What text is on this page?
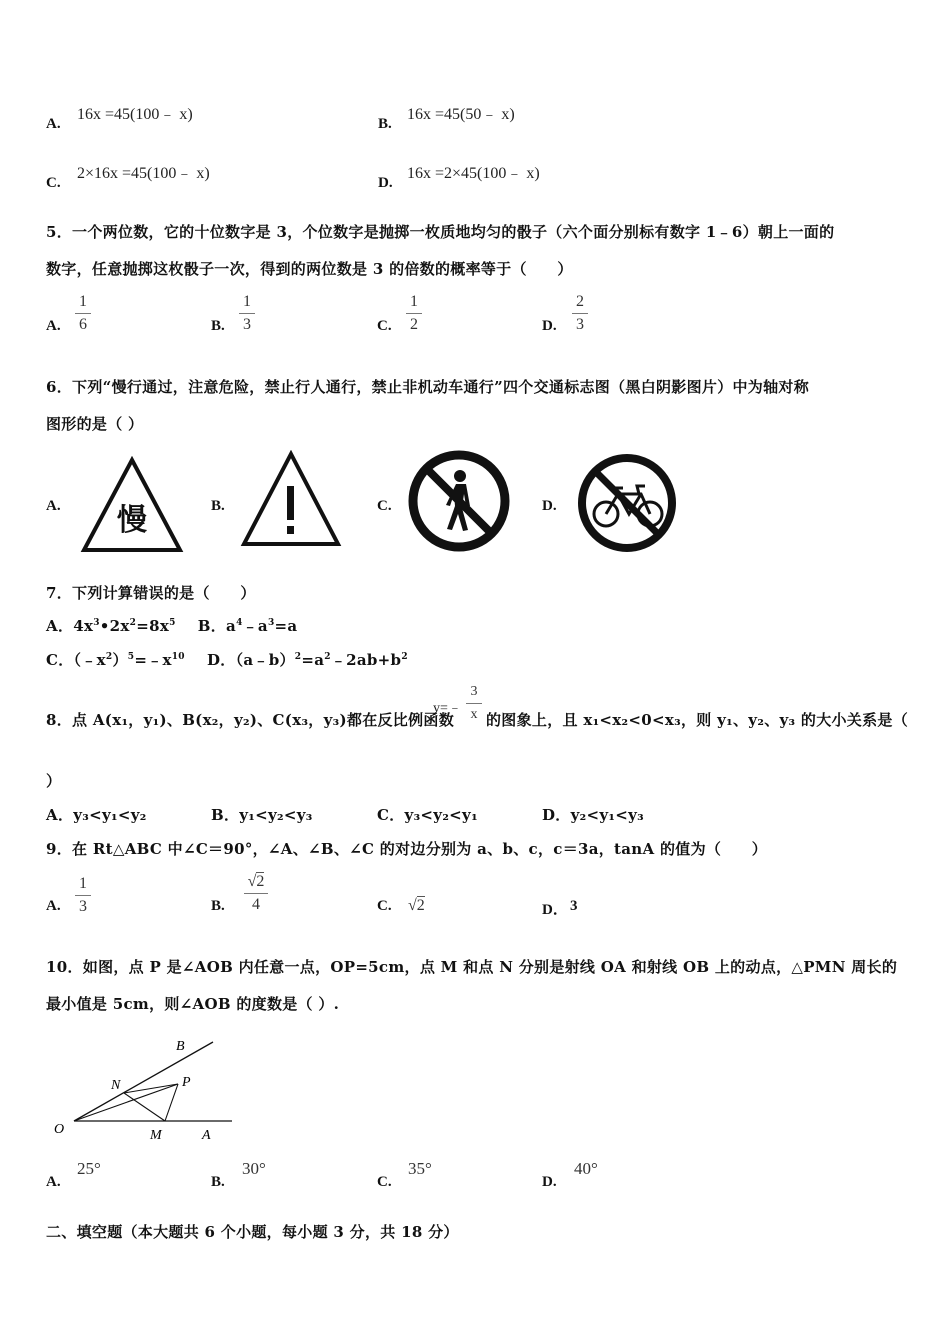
A.
16x =45(100﹣ x)
B.
16x =45(50﹣ x)
C.
2×16x =45(100﹣ x)
D.
16x =2×45(100﹣ x)
5．一个两位数，它的十位数字是 3，个位数字是抛掷一枚质地均匀的骰子（六个面分别标有数字 1﹣6）朝上一面的
数字，任意抛掷这枚骰子一次，得到的两位数是 3 的倍数的概率等于（　　）
A.
1
6	B.
1
3	C.
1
2	D.
2
3
6．下列“慢行通过，注意危险，禁止行人通行，禁止非机动车通行”四个交通标志图（黑白阴影图片）中为轴对称
图形的是（ ）
A. 慢	B.	C.	D.
7．下列计算错误的是（　　）
A．$4x^3•2x^2=8x^5$ B．$a^4﹣a^3=a$
C．$(﹣x^2)^5=﹣x^{10}$ D．$(a﹣b)^2=a^2﹣2ab+b^2$
8．点 A(x₁，y₁)、B(x₂，y₂)、C(x₃，y₃)都在反比例函数
y=﹣
3
x 的图象上，且 x₁<x₂<0<x₃，则 y₁、y₂、y₃ 的大小关系是（
）
A．y₃<y₁<y₂	B．y₁<y₂<y₃	C．y₃<y₂<y₁	D．y₂<y₁<y₃
9．在 Rt△ABC 中∠C＝90°，∠A、∠B、∠C 的对边分别为 a、b、c，c＝3a，tanA 的值为（　　）
A.
1
3	B.
√2
4	C. √2	D． 3
10．如图，点 P 是∠AOB 内任意一点，OP=5cm，点 M 和点 N 分别是射线 OA 和射线 OB 上的动点，△PMN 周长的
最小值是 5cm，则∠AOB 的度数是（ ）.
B
N	P
O	M	A
A.
25°
B.
30°
C.
35°
D.
40°
二、填空题（本大题共 6 个小题，每小题 3 分，共 18 分）
